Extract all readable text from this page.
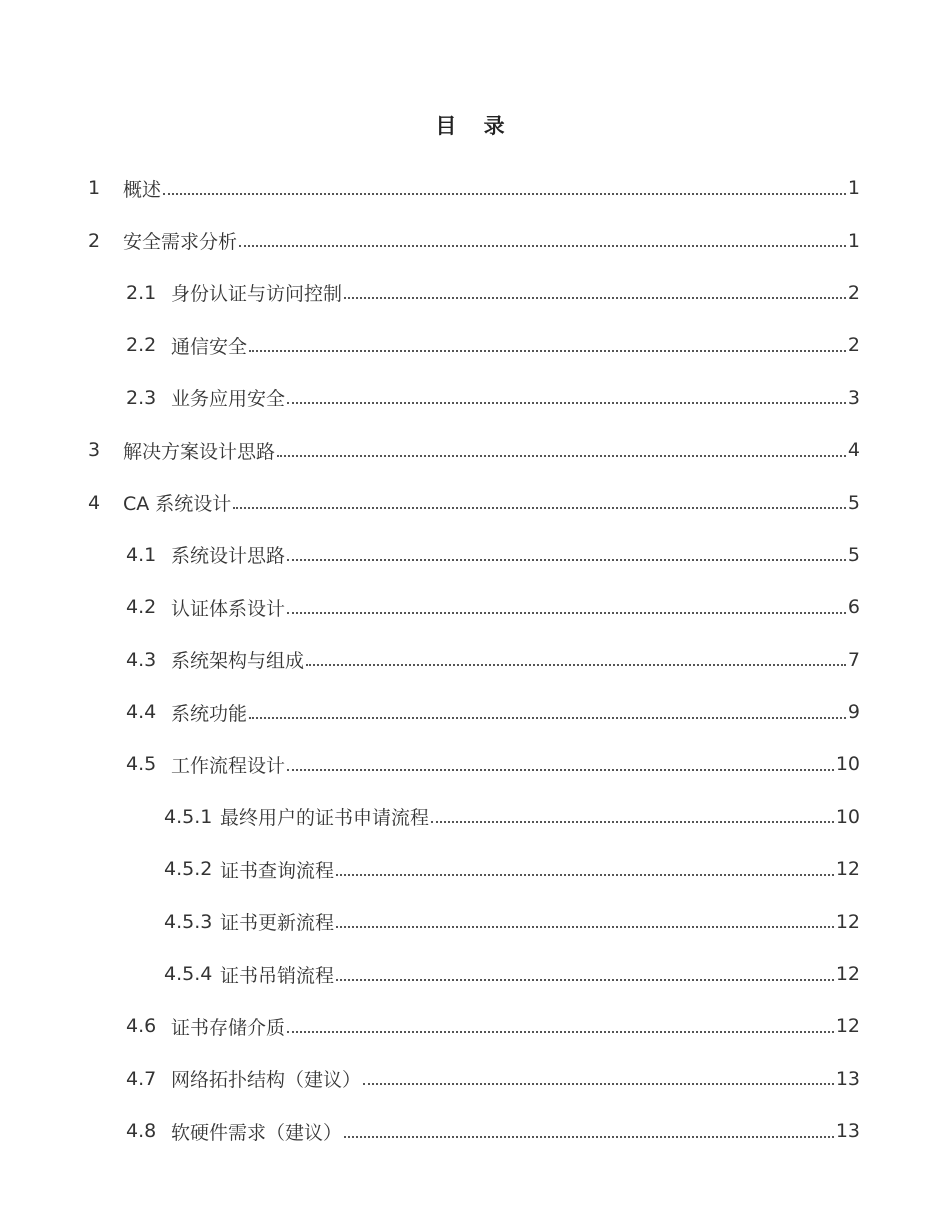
目 录
1	概述	1
2	安全需求分析	1
2.1 身份认证与访问控制	2
2.2 通信安全	2
2.3 业务应用安全	3
3	解决方案设计思路	4
4	CA 系统设计	5
4.1 系统设计思路	5
4.2 认证体系设计	6
4.3 系统架构与组成	7
4.4 系统功能	9
4.5 工作流程设计	10
4.5.1 最终用户的证书申请流程	10
4.5.2 证书查询流程	12
4.5.3 证书更新流程	12
4.5.4 证书吊销流程	12
4.6 证书存储介质	12
4.7 网络拓扑结构（建议）	13
4.8 软硬件需求（建议）	13
